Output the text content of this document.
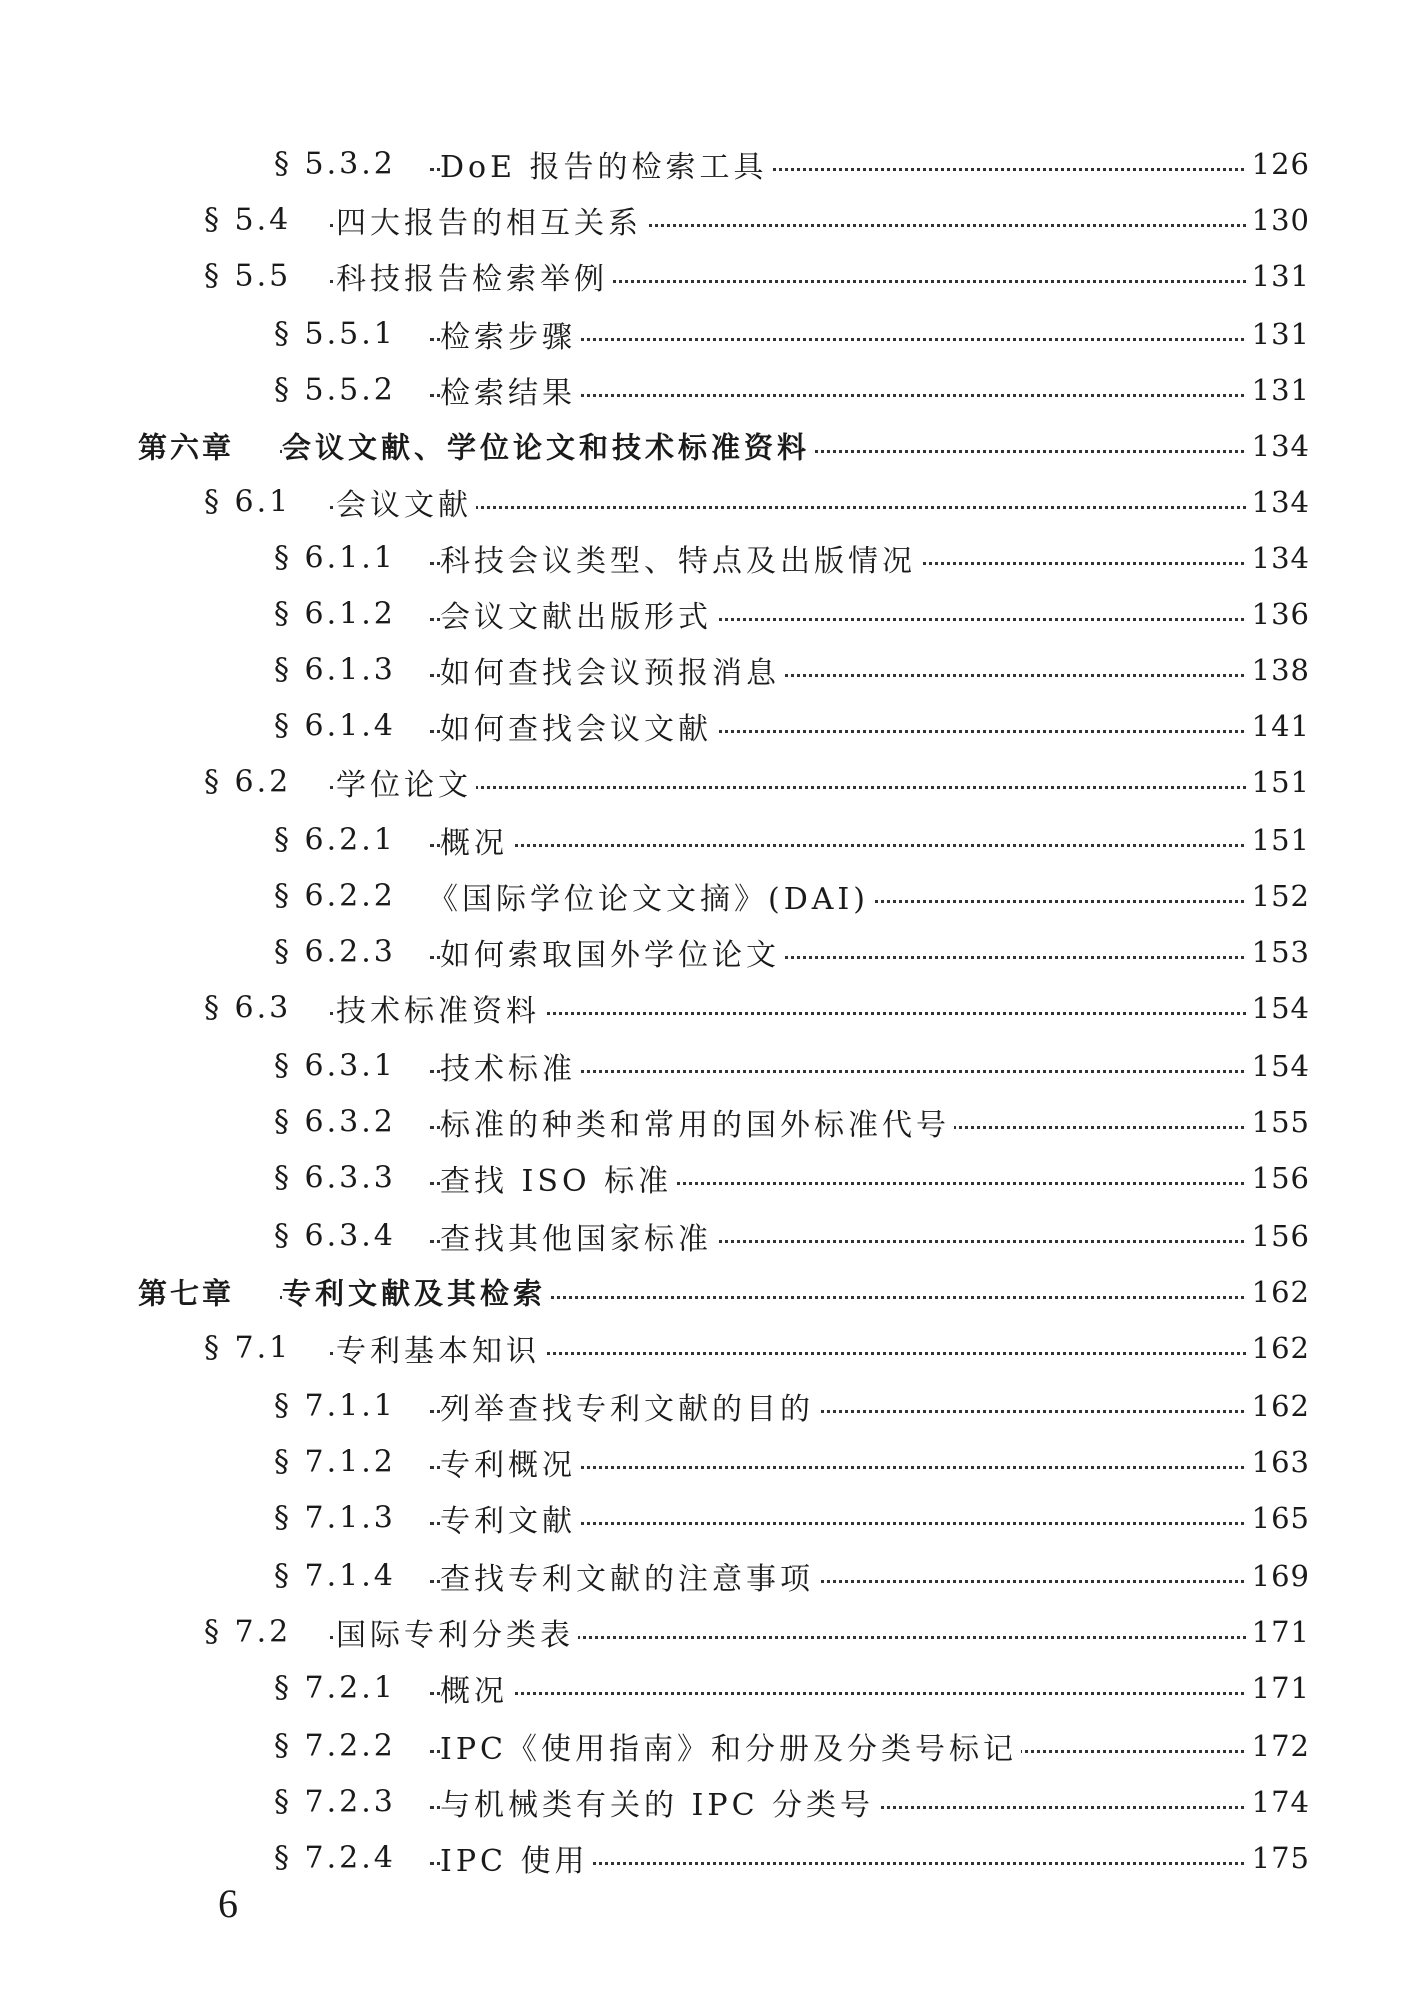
§ 5.3.2 DoE 报告的检索工具	126
§ 5.4 四大报告的相互关系	130
§ 5.5 科技报告检索举例	131
§ 5.5.1 检索步骤	131
§ 5.5.2 检索结果	131
第六章 会议文献、学位论文和技术标准资料	134
§ 6.1 会议文献	134
§ 6.1.1 科技会议类型、特点及出版情况	134
§ 6.1.2 会议文献出版形式	136
§ 6.1.3 如何查找会议预报消息	138
§ 6.1.4 如何查找会议文献	141
§ 6.2 学位论文	151
§ 6.2.1 概况	151
§ 6.2.2 《国际学位论文文摘》(DAI)	152
§ 6.2.3 如何索取国外学位论文	153
§ 6.3 技术标准资料	154
§ 6.3.1 技术标准	154
§ 6.3.2 标准的种类和常用的国外标准代号	155
§ 6.3.3 查找 ISO 标准	156
§ 6.3.4 查找其他国家标准	156
第七章 专利文献及其检索	162
§ 7.1 专利基本知识	162
§ 7.1.1 列举查找专利文献的目的	162
§ 7.1.2 专利概况	163
§ 7.1.3 专利文献	165
§ 7.1.4 查找专利文献的注意事项	169
§ 7.2 国际专利分类表	171
§ 7.2.1 概况	171
§ 7.2.2 IPC《使用指南》和分册及分类号标记	172
§ 7.2.3 与机械类有关的 IPC 分类号	174
§ 7.2.4 IPC 使用	175
6
